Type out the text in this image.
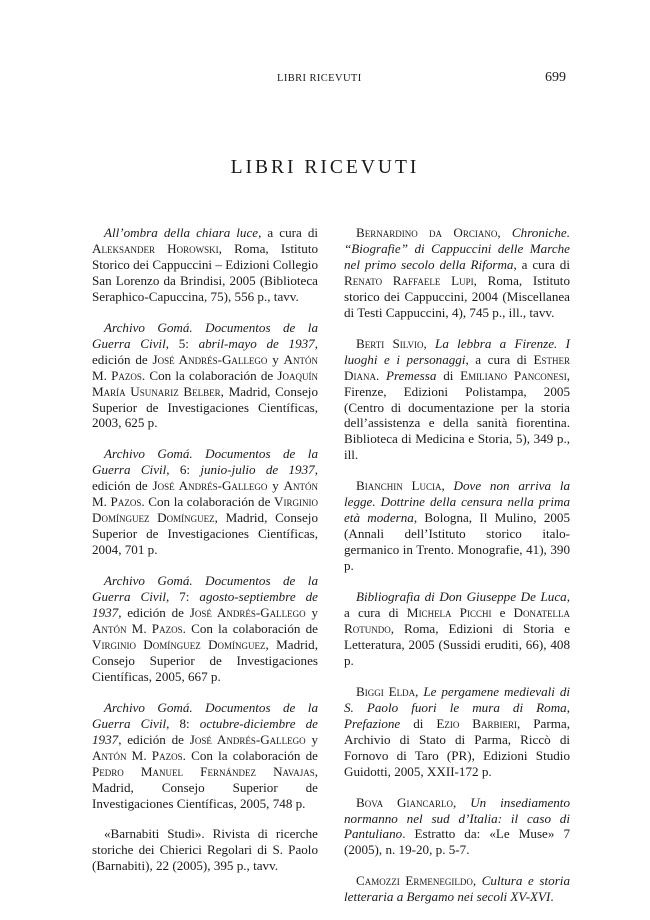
LIBRI RICEVUTI	699
LIBRI RICEVUTI

All’ombra della chiara luce, a cura di Aleksander Horowski, Roma, Istituto Storico dei Cappuccini – Edizioni Collegio San Lorenzo da Brindisi, 2005 (Biblioteca Seraphico-Capuccina, 75), 556 p., tavv.

Archivo Gomá. Documentos de la Guerra Civil, 5: abril-mayo de 1937, edición de José Andrés-Gallego y Antón M. Pazos. Con la colaboración de Joaquín María Usunariz Belber, Madrid, Consejo Superior de Investigaciones Científicas, 2003, 625 p.

Archivo Gomá. Documentos de la Guerra Civil, 6: junio-julio de 1937, edición de José Andrés-Gallego y Antón M. Pazos. Con la colaboración de Virginio Domínguez Domínguez, Madrid, Consejo Superior de Investigaciones Científicas, 2004, 701 p.

Archivo Gomá. Documentos de la Guerra Civil, 7: agosto-septiembre de 1937, edición de José Andrés-Gallego y Antón M. Pazos. Con la colaboración de Virginio Domínguez Domínguez, Madrid, Consejo Superior de Investigaciones Científicas, 2005, 667 p.

Archivo Gomá. Documentos de la Guerra Civil, 8: octubre-diciembre de 1937, edición de José Andrés-Gallego y Antón M. Pazos. Con la colaboración de Pedro Manuel Fernández Navajas, Madrid, Consejo Superior de Investigaciones Científicas, 2005, 748 p.

«Barnabiti Studi». Rivista di ricerche storiche dei Chierici Regolari di S. Paolo (Barnabiti), 22 (2005), 395 p., tavv.

Bernardino da Orciano, Chroniche. “Biografie” di Cappuccini delle Marche nel primo secolo della Riforma, a cura di Renato Raffaele Lupi, Roma, Istituto storico dei Cappuccini, 2004 (Miscellanea di Testi Cappuccini, 4), 745 p., ill., tavv.

Berti Silvio, La lebbra a Firenze. I luoghi e i personaggi, a cura di Esther Diana. Premessa di Emiliano Panconesi, Firenze, Edizioni Polistampa, 2005 (Centro di documentazione per la storia dell’assistenza e della sanità fiorentina. Biblioteca di Medicina e Storia, 5), 349 p., ill.

Bianchin Lucia, Dove non arriva la legge. Dottrine della censura nella prima età moderna, Bologna, Il Mulino, 2005 (Annali dell’Istituto storico italo-germanico in Trento. Monografie, 41), 390 p.

Bibliografia di Don Giuseppe De Luca, a cura di Michela Picchi e Donatella Rotundo, Roma, Edizioni di Storia e Letteratura, 2005 (Sussidi eruditi, 66), 408 p.

Biggi Elda, Le pergamene medievali di S. Paolo fuori le mura di Roma, Prefazione di Ezio Barbieri, Parma, Archivio di Stato di Parma, Riccò di Fornovo di Taro (PR), Edizioni Studio Guidotti, 2005, XXII-172 p.

Bova Giancarlo, Un insediamento normanno nel sud d’Italia: il caso di Pantuliano. Estratto da: «Le Muse» 7 (2005), n. 19-20, p. 5-7.

Camozzi Ermenegildo, Cultura e storia letteraria a Bergamo nei secoli XV-XVI.
